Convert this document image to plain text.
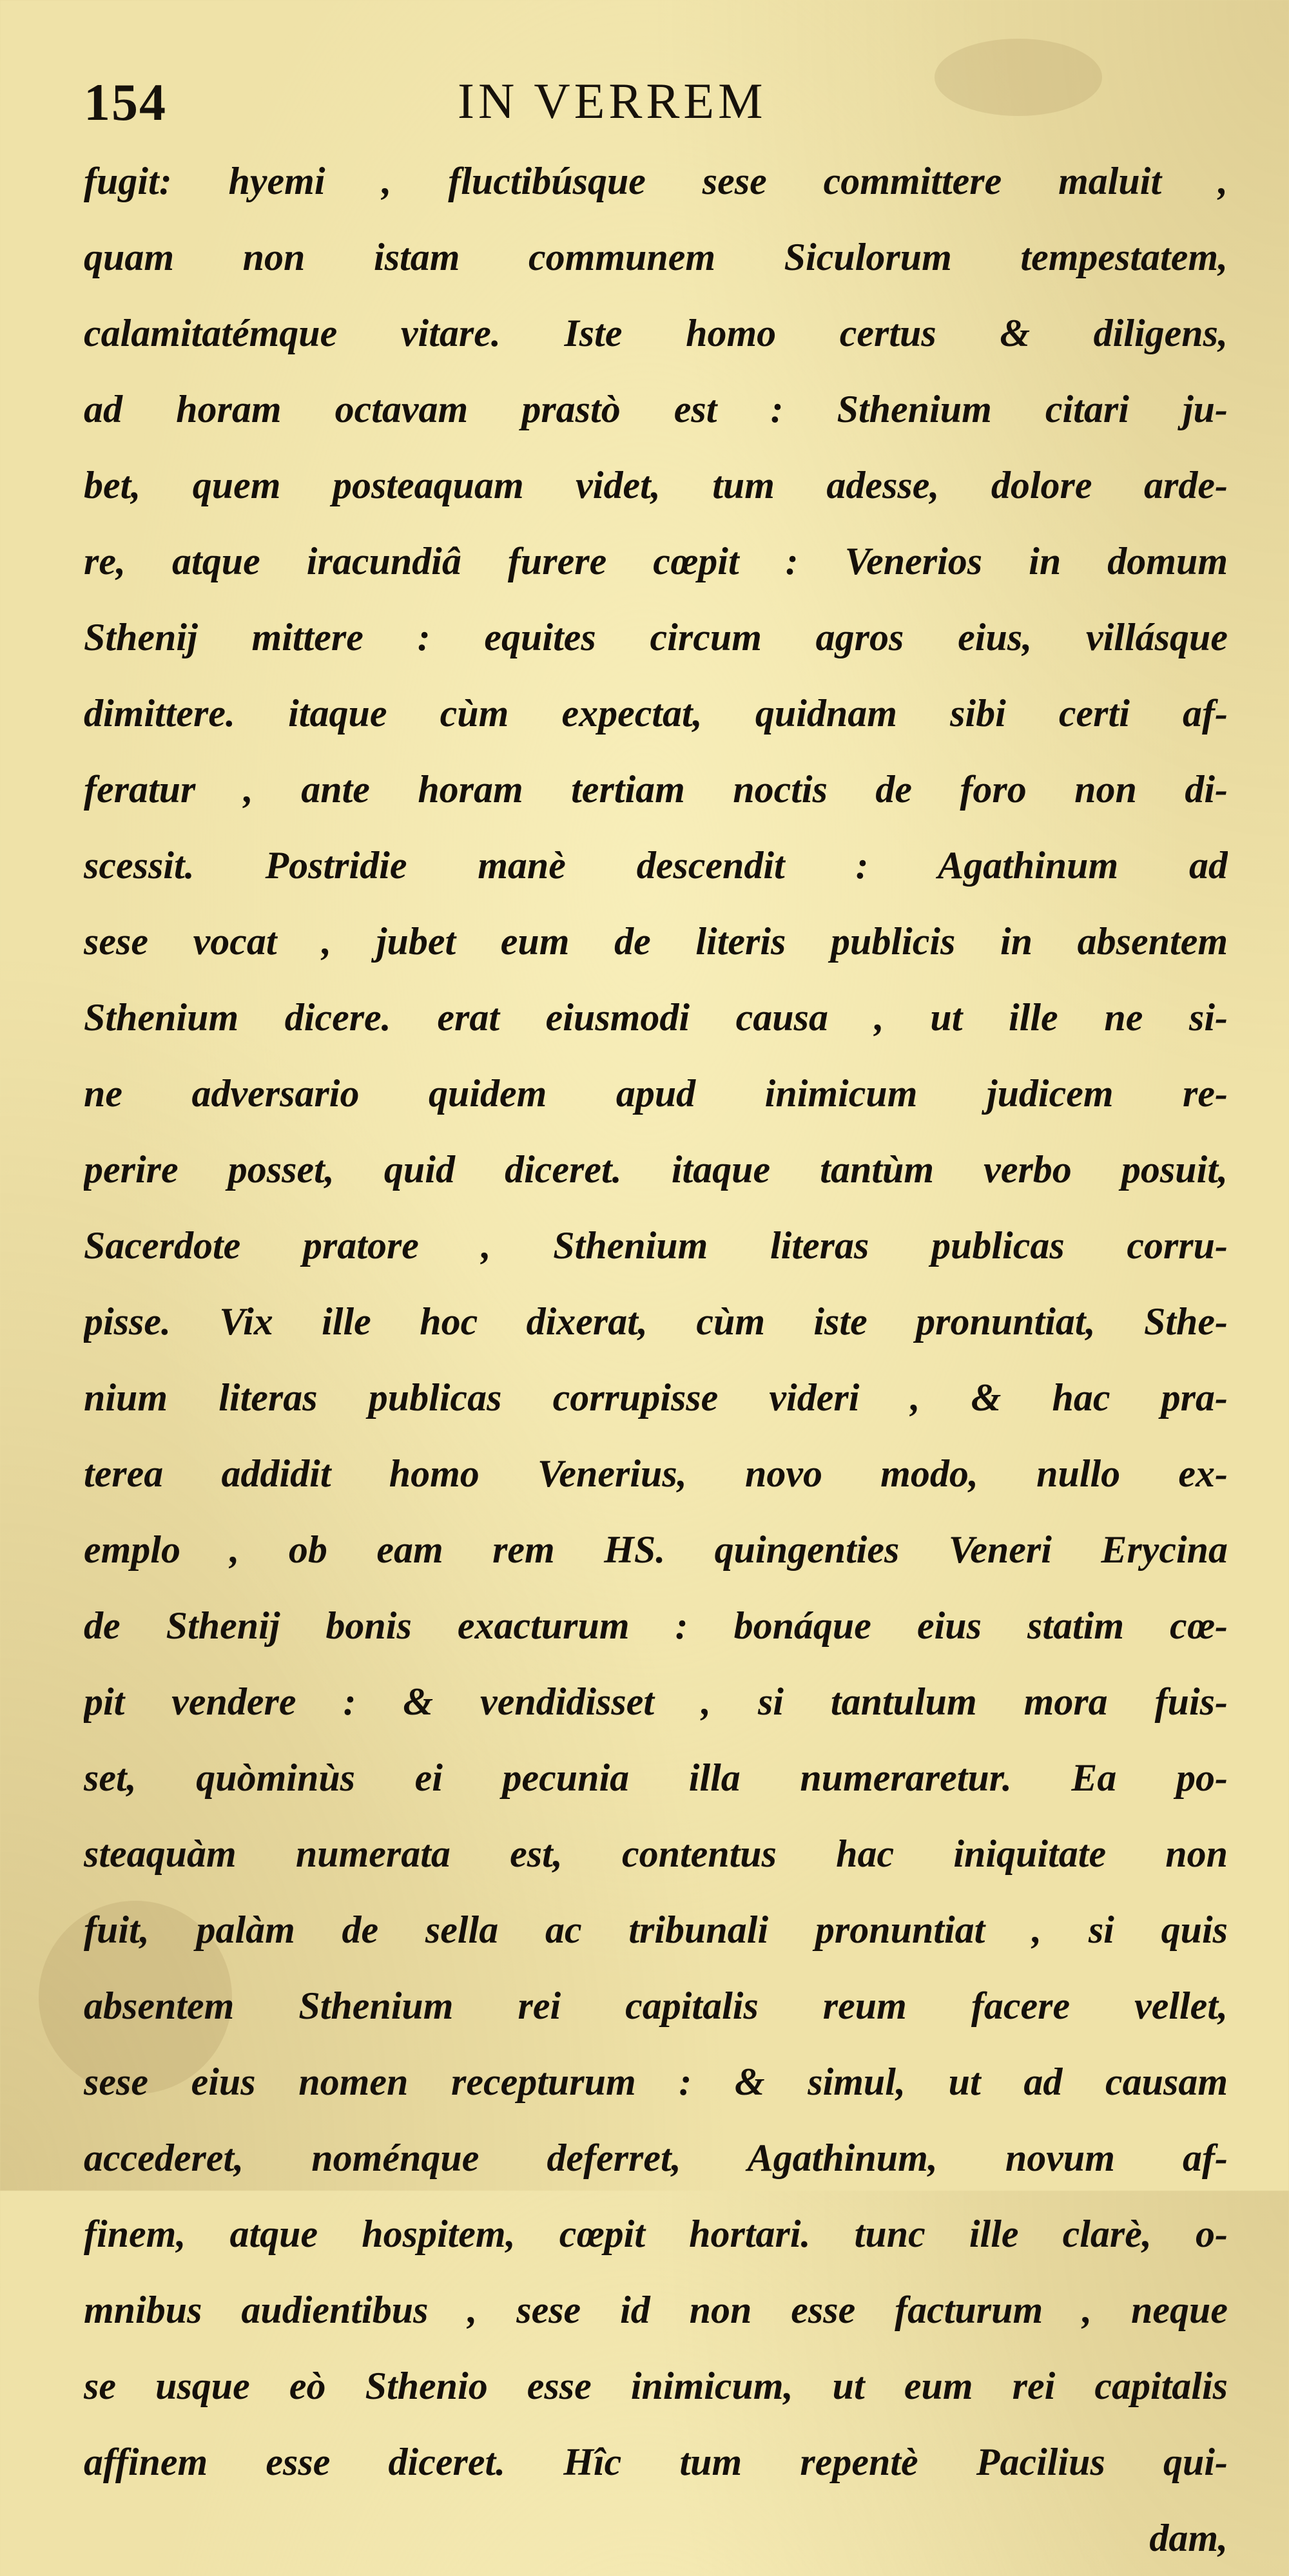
154	IN VERREM
fugit: hyemi , fluctibúsque sese committere maluit ,
quam non istam communem Siculorum tempestatem,
calamitatémque vitare. Iste homo certus & diligens,
ad horam octavam prastò est : Sthenium citari ju-
bet, quem posteaquam videt, tum adesse, dolore arde-
re, atque iracundiâ furere cœpit : Venerios in domum
Sthenij mittere : equites circum agros eius, villásque
dimittere. itaque cùm expectat, quidnam sibi certi af-
feratur , ante horam tertiam noctis de foro non di-
scessit. Postridie manè descendit : Agathinum ad
sese vocat , jubet eum de literis publicis in absentem
Sthenium dicere. erat eiusmodi causa , ut ille ne si-
ne adversario quidem apud inimicum judicem re-
perire posset, quid diceret. itaque tantùm verbo posuit,
Sacerdote pratore , Sthenium literas publicas corru-
pisse. Vix ille hoc dixerat, cùm iste pronuntiat, Sthe-
nium literas publicas corrupisse videri , & hac pra-
terea addidit homo Venerius, novo modo, nullo ex-
emplo , ob eam rem HS. quingenties Veneri Erycina
de Sthenij bonis exacturum : bonáque eius statim cœ-
pit vendere : & vendidisset , si tantulum mora fuis-
set, quòminùs ei pecunia illa numeraretur. Ea po-
steaquàm numerata est, contentus hac iniquitate non
fuit, palàm de sella ac tribunali pronuntiat , si quis
absentem Sthenium rei capitalis reum facere vellet,
sese eius nomen recepturum : & simul, ut ad causam
accederet, noménque deferret, Agathinum, novum af-
finem, atque hospitem, cœpit hortari. tunc ille clarè, o-
mnibus audientibus , sese id non esse facturum , neque
se usque eò Sthenio esse inimicum, ut eum rei capitalis
affinem esse diceret. Hîc tum repentè Pacilius qui-
dam,
